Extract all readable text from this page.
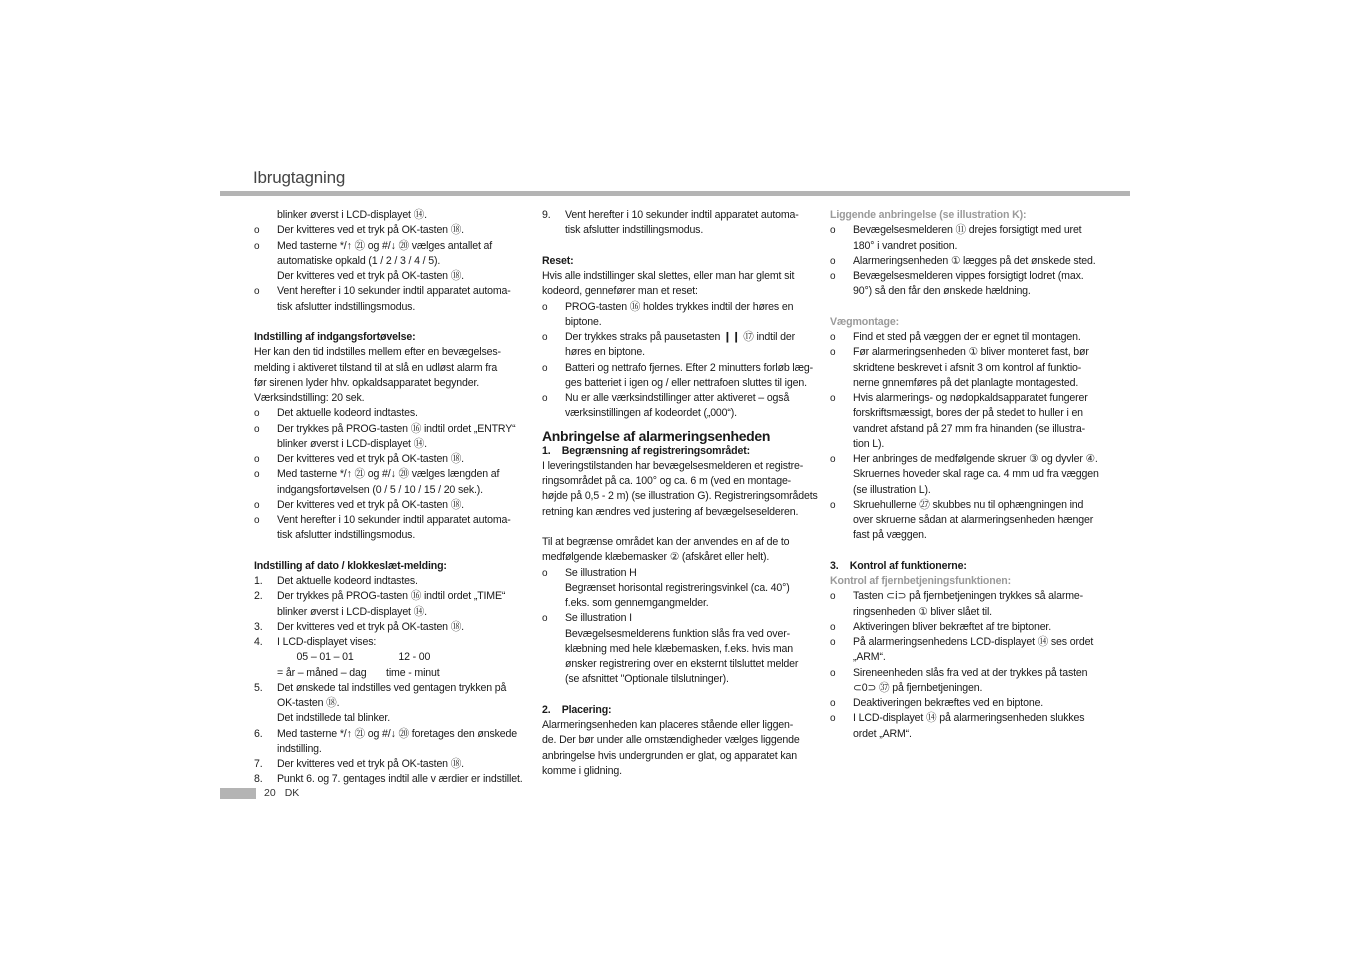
Ibrugtagning
blinker øverst i LCD-displayet ⑭.
o	Der kvitteres ved et tryk på OK-tasten ⑱.
o	Med tasterne */↑ ㉑ og #/↓ ⑳ vælges antallet af
automatiske opkald (1 / 2 / 3 / 4 / 5).
Der kvitteres ved et tryk på OK-tasten ⑱.
o	Vent herefter i 10 sekunder indtil apparatet automa-
tisk afslutter indstillingsmodus.
Indstilling af indgangsfortøvelse:
Her kan den tid indstilles mellem efter en bevægelses-
melding i aktiveret tilstand til at slå en udløst alarm fra
før sirenen lyder hhv. opkaldsapparatet begynder.
Værksindstilling: 20 sek.
o	Det aktuelle kodeord indtastes.
o	Der trykkes på PROG-tasten ⑯ indtil ordet „ENTRY“
blinker øverst i LCD-displayet ⑭.
o	Der kvitteres ved et tryk på OK-tasten ⑱.
o	Med tasterne */↑ ㉑ og #/↓ ⑳ vælges længden af
indgangsfortøvelsen (0 / 5 / 10 / 15 / 20 sek.).
o	Der kvitteres ved et tryk på OK-tasten ⑱.
o	Vent herefter i 10 sekunder indtil apparatet automa-
tisk afslutter indstillingsmodus.
Indstilling af dato / klokkeslæt-melding:
1.	Det aktuelle kodeord indtastes.
2.	Der trykkes på PROG-tasten ⑯ indtil ordet „TIME“
blinker øverst i LCD-displayet ⑭.
3.	Der kvitteres ved et tryk på OK-tasten ⑱.
4.	I LCD-displayet vises:
05 – 01 – 01                12 - 00
= år – måned – dag       time - minut
5.	Det ønskede tal indstilles ved gentagen trykken på
OK-tasten ⑱.
Det indstillede tal blinker.
6.	Med tasterne */↑ ㉑ og #/↓ ⑳ foretages den ønskede
indstilling.
7.	Der kvitteres ved et tryk på OK-tasten ⑱.
8.	Punkt 6. og 7. gentages indtil alle v ærdier er indstillet.
9.	Vent herefter i 10 sekunder indtil apparatet automa-
tisk afslutter indstillingsmodus.
Reset:
Hvis alle indstillinger skal slettes, eller man har glemt sit
kodeord, gennefører man et reset:
o	PROG-tasten ⑯ holdes trykkes indtil der høres en
biptone.
o	Der trykkes straks på pausetasten ❙❙ ⑰ indtil der
høres en biptone.
o	Batteri og nettrafo fjernes. Efter 2 minutters forløb læg-
ges batteriet i igen og / eller nettrafoen sluttes til igen.
o	Nu er alle værksindstillinger atter aktiveret – også
værksinstillingen af kodeordet („000“).
Anbringelse af alarmeringsenheden
1.    Begrænsning af registreringsområdet:
I leveringstilstanden har bevægelsesmelderen et registre-
ringsområdet på ca. 100° og ca. 6 m (ved en montage-
højde på 0,5 - 2 m) (se illustration G). Registreringsområdets
retning kan ændres ved justering af bevægelseselderen.
Til at begrænse området kan der anvendes en af de to
medfølgende klæbemasker ② (afskåret eller helt).
o	Se illustration H
Begrænset horisontal registreringsvinkel (ca. 40°)
f.eks. som gennemgangmelder.
o	Se illustration I
Bevægelsesmelderens funktion slås fra ved over-
klæbning med hele klæbemasken, f.eks. hvis man
ønsker registrering over en eksternt tilsluttet melder
(se afsnittet "Optionale tilslutninger).
2.    Placering:
Alarmeringsenheden kan placeres stående eller liggen-
de. Der bør under alle omstændigheder vælges liggende
anbringelse hvis undergrunden er glat, og apparatet kan
komme i glidning.
Liggende anbringelse (se illustration K):
o	Bevægelsesmelderen ⑪ drejes forsigtigt med uret
180° i vandret position.
o	Alarmeringsenheden ① lægges på det ønskede sted.
o	Bevægelsesmelderen vippes forsigtigt lodret (max.
90°) så den får den ønskede hældning.
Vægmontage:
o	Find et sted på væggen der er egnet til montagen.
o	Før alarmeringsenheden ① bliver monteret fast, bør
skridtene beskrevet i afsnit 3 om kontrol af funktio-
nerne gnnemføres på det planlagte montagested.
o	Hvis alarmerings- og nødopkaldsapparatet fungerer
forskriftsmæssigt, bores der på stedet to huller i en
vandret afstand på 27 mm fra hinanden (se illustra-
tion L).
o	Her anbringes de medfølgende skruer ③ og dyvler ④.
Skruernes hoveder skal rage ca. 4 mm ud fra væggen
(se illustration L).
o	Skruehullerne ㉗ skubbes nu til ophængningen ind
over skruerne sådan at alarmeringsenheden hænger
fast på væggen.
3.    Kontrol af funktionerne:
Kontrol af fjernbetjeningsfunktionen:
o	Tasten ⊂ⅰ⊃ på fjernbetjeningen trykkes så alarme-
ringsenheden ① bliver slået til.
o	Aktiveringen bliver bekræftet af tre biptoner.
o	På alarmeringsenhedens LCD-displayet ⑭ ses ordet
„ARM“.
o	Sireneenheden slås fra ved at der trykkes på tasten
⊂0⊃ ㊲ på fjernbetjeningen.
o	Deaktiveringen bekræftes ved en biptone.
o	I LCD-displayet ⑭ på alarmeringsenheden slukkes
ordet „ARM“.
20 DK
